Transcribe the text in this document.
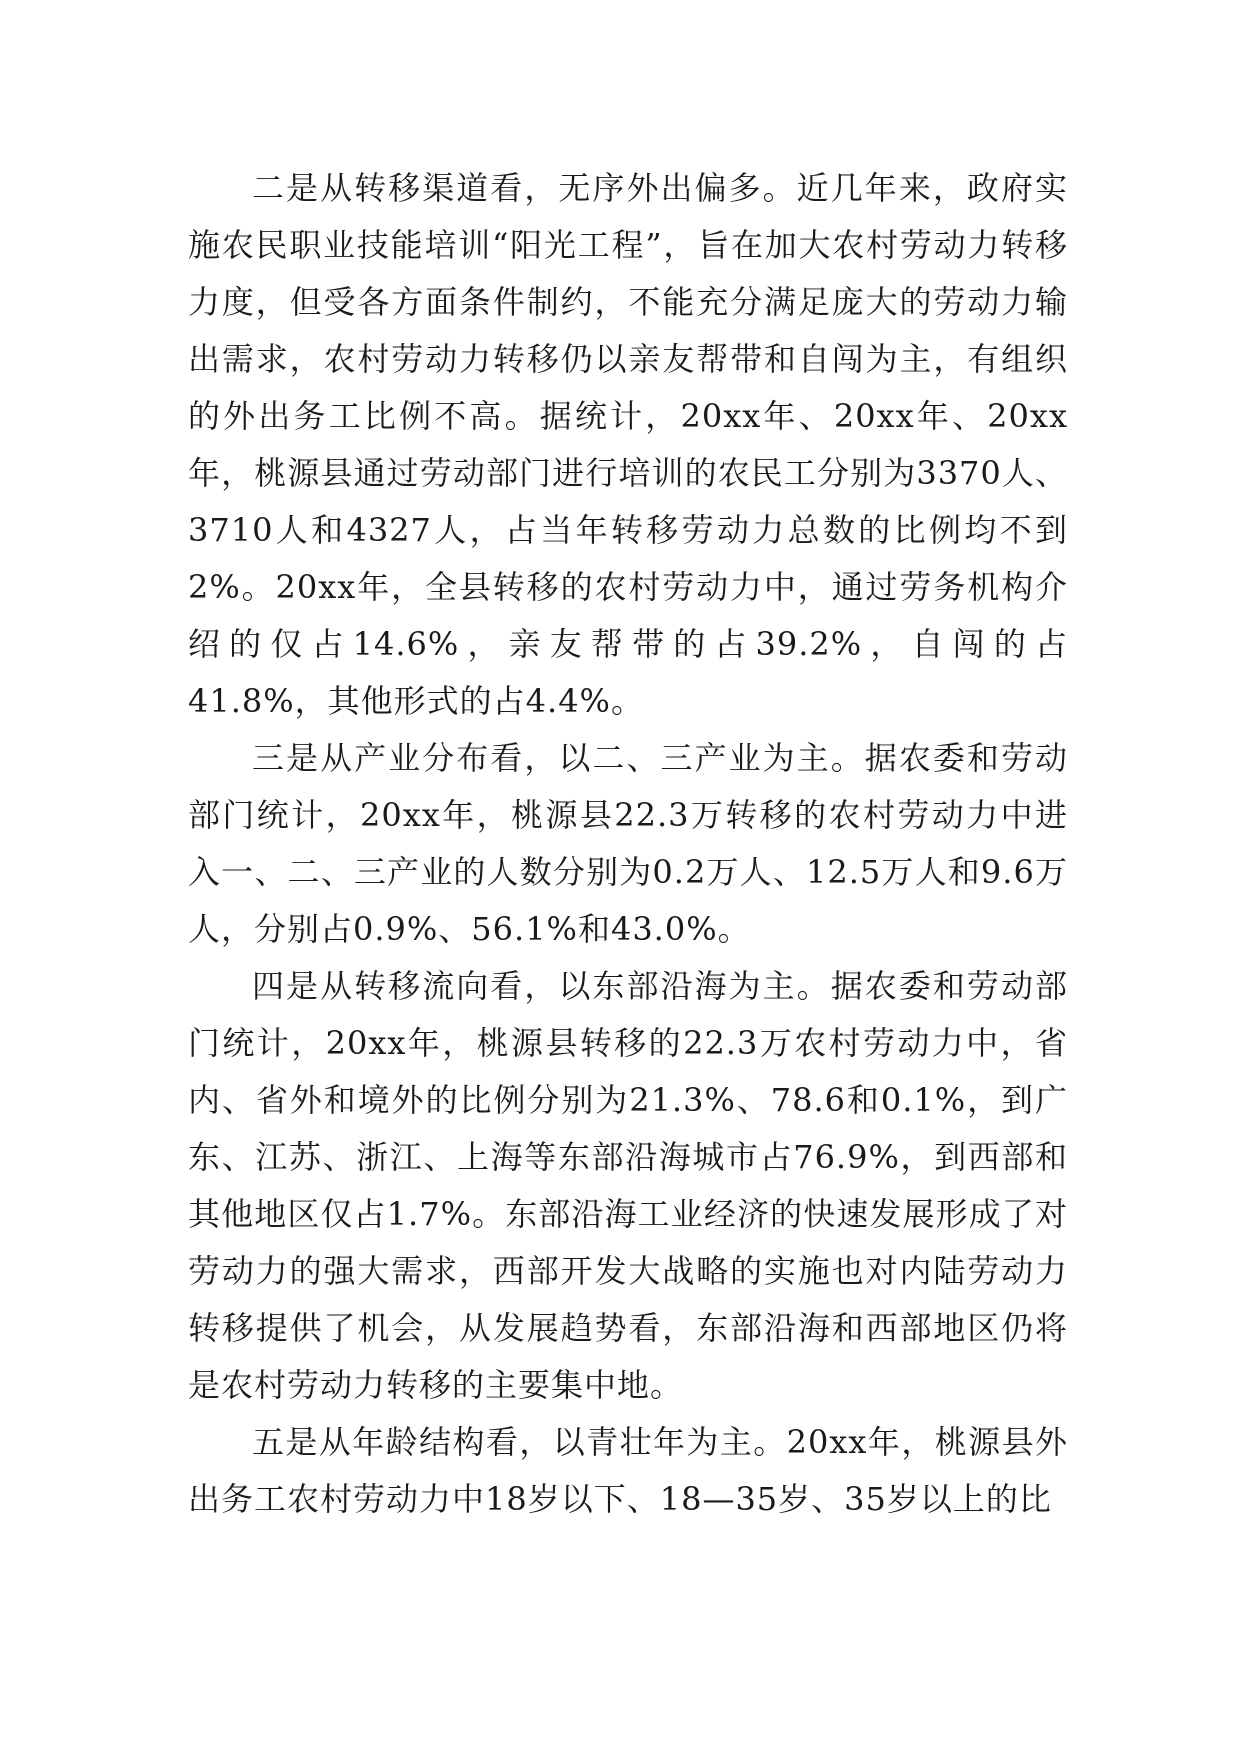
二是从转移渠道看，无序外出偏多。近几年来，政府实施农民职业技能培训“阳光工程”，旨在加大农村劳动力转移力度，但受各方面条件制约，不能充分满足庞大的劳动力输出需求，农村劳动力转移仍以亲友帮带和自闯为主，有组织的外出务工比例不高。据统计，20xx年、20xx年、20xx年，桃源县通过劳动部门进行培训的农民工分别为3370人、3710人和4327人，占当年转移劳动力总数的比例均不到2%。20xx年，全县转移的农村劳动力中，通过劳务机构介绍的仅占14.6%，亲友帮带的占39.2%，自闯的占41.8%，其他形式的占4.4%。

三是从产业分布看，以二、三产业为主。据农委和劳动部门统计，20xx年，桃源县22.3万转移的农村劳动力中进入一、二、三产业的人数分别为0.2万人、12.5万人和9.6万人，分别占0.9%、56.1%和43.0%。

四是从转移流向看，以东部沿海为主。据农委和劳动部门统计，20xx年，桃源县转移的22.3万农村劳动力中，省内、省外和境外的比例分别为21.3%、78.6和0.1%，到广东、江苏、浙江、上海等东部沿海城市占76.9%，到西部和其他地区仅占1.7%。东部沿海工业经济的快速发展形成了对劳动力的强大需求，西部开发大战略的实施也对内陆劳动力转移提供了机会，从发展趋势看，东部沿海和西部地区仍将是农村劳动力转移的主要集中地。

五是从年龄结构看，以青壮年为主。20xx年，桃源县外出务工农村劳动力中18岁以下、18—35岁、35岁以上的比
